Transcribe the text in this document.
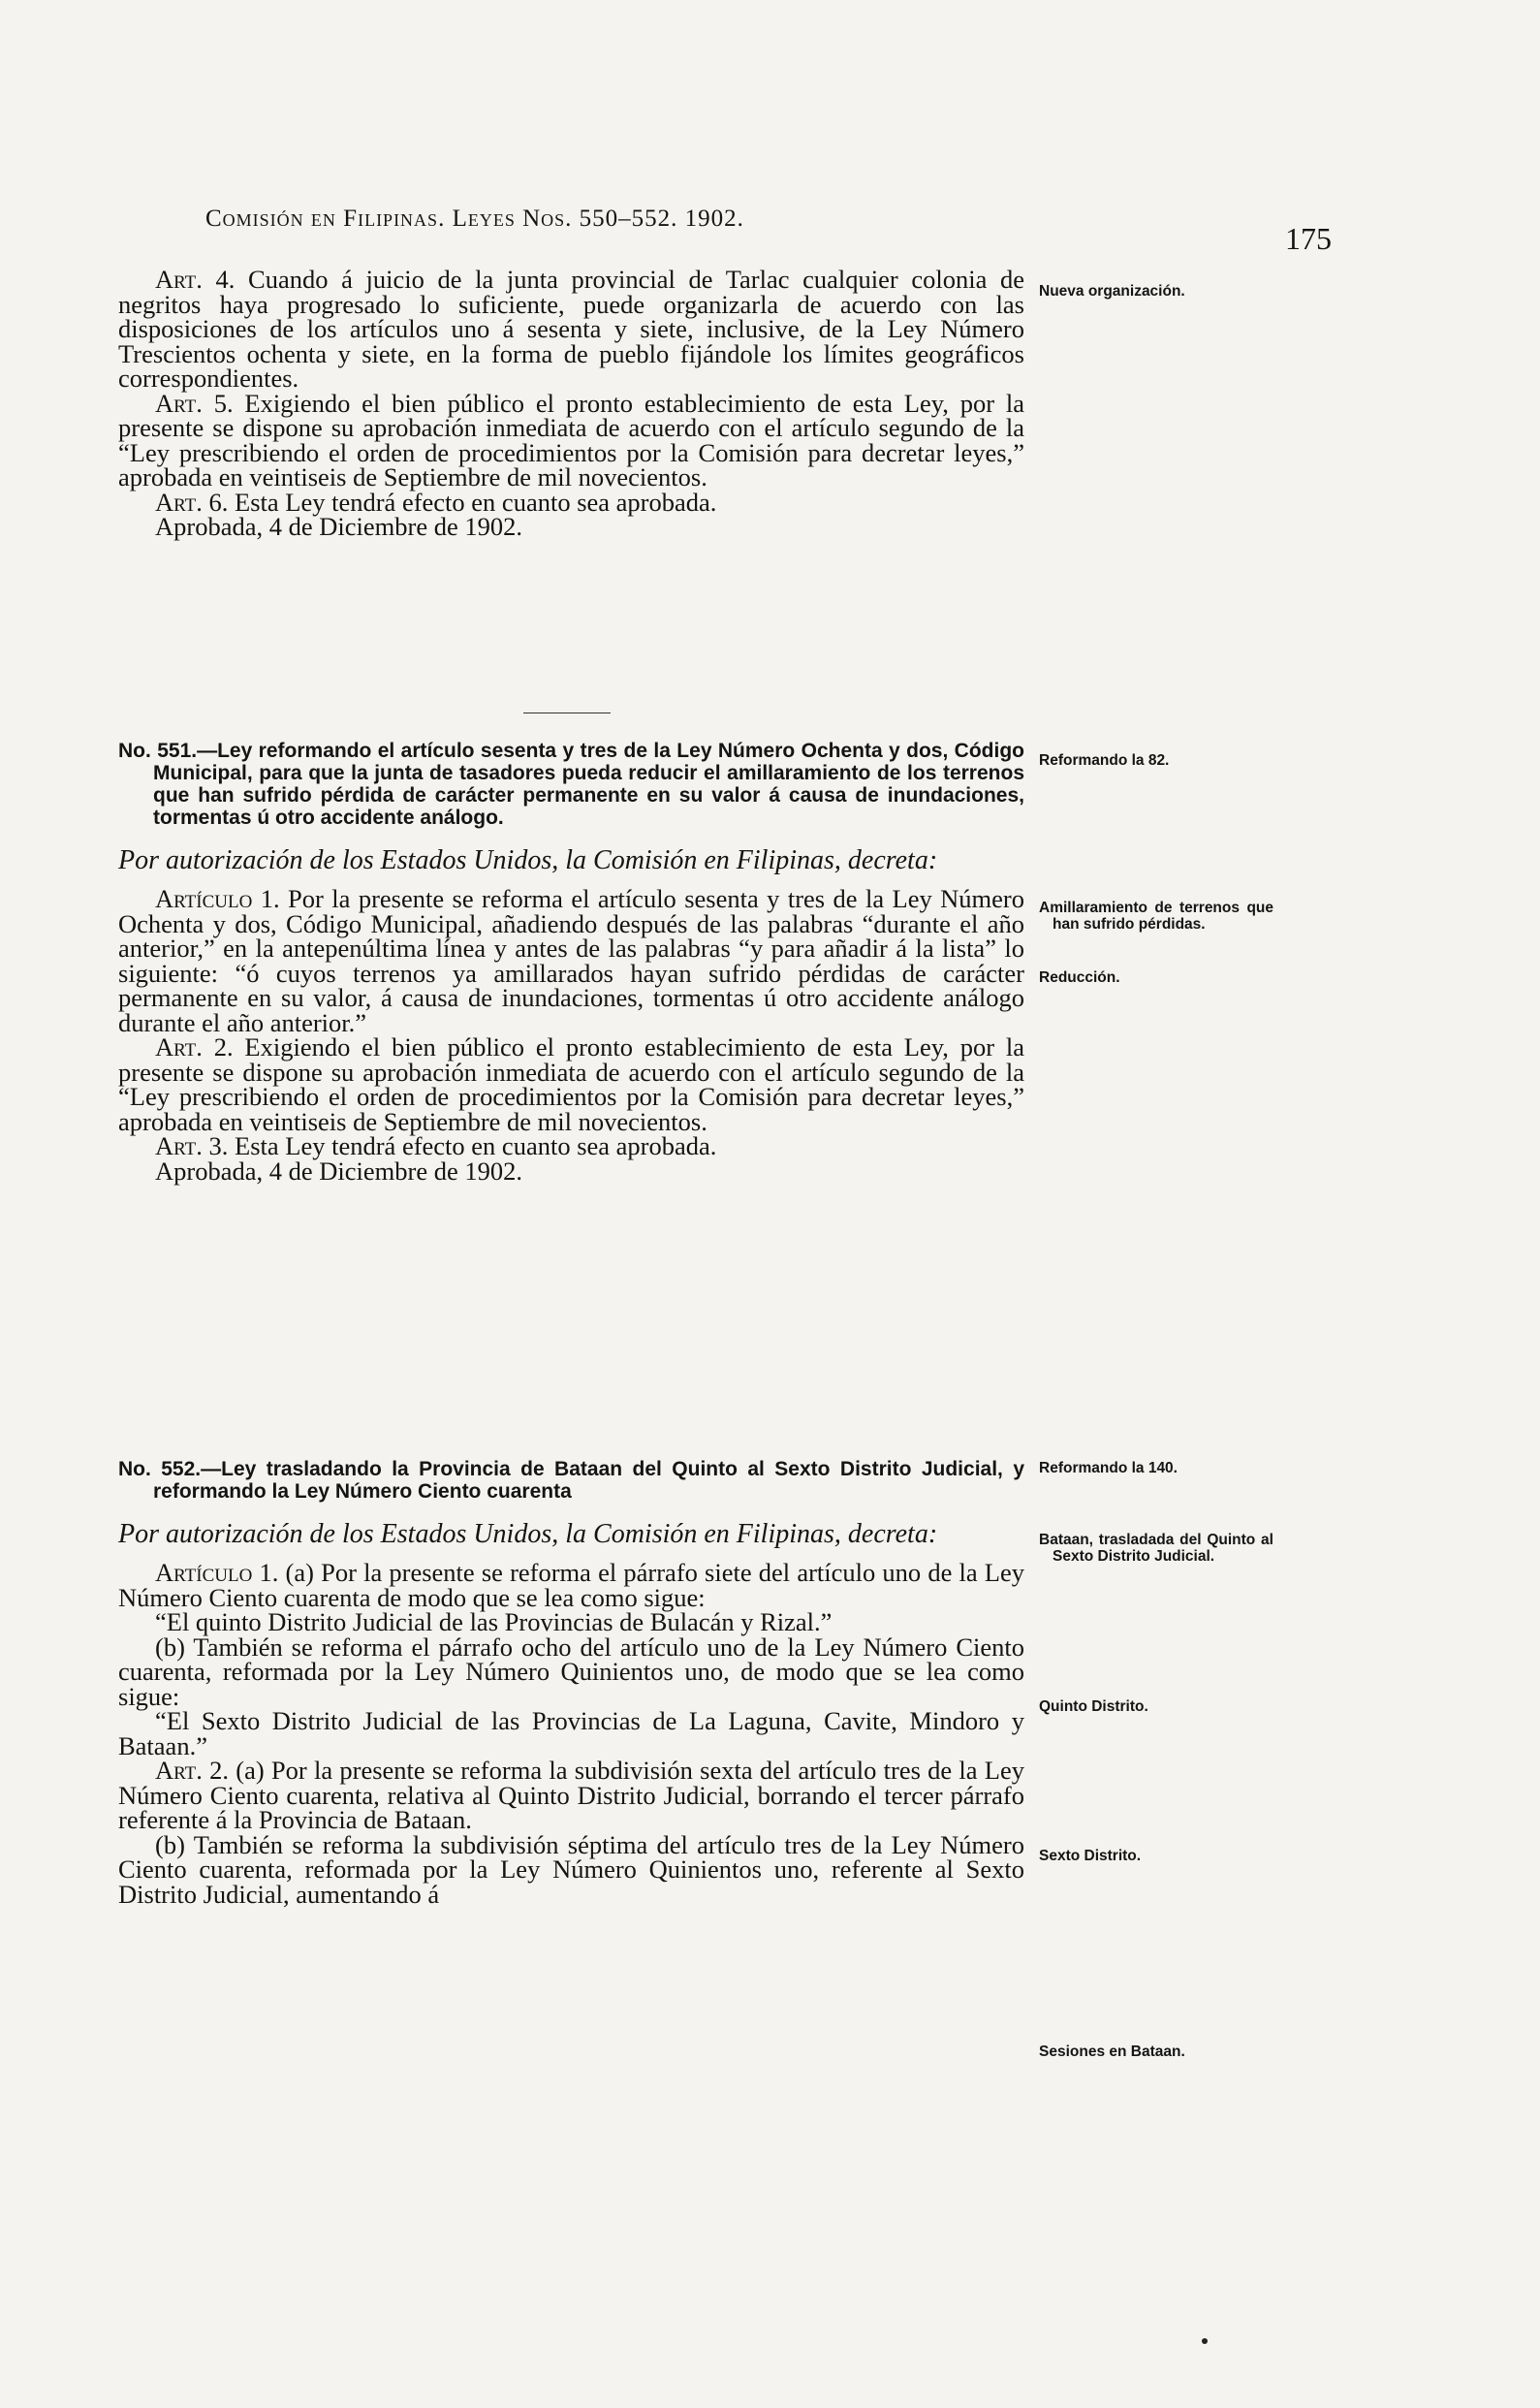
Comisión en Filipinas. Leyes Nos. 550–552. 1902.
175

Art. 4. Cuando á juicio de la junta provincial de Tarlac cualquier colonia de negritos haya progresado lo suficiente, puede organizarla de acuerdo con las disposiciones de los artículos uno á sesenta y siete, inclusive, de la Ley Número Trescientos ochenta y siete, en la forma de pueblo fijándole los límites geográficos correspondientes.

Art. 5. Exigiendo el bien público el pronto establecimiento de esta Ley, por la presente se dispone su aprobación inmediata de acuerdo con el artículo segundo de la “Ley prescribiendo el orden de procedimientos por la Comisión para decretar leyes,” aprobada en veintiseis de Septiembre de mil novecientos.

Art. 6. Esta Ley tendrá efecto en cuanto sea aprobada.

Aprobada, 4 de Diciembre de 1902.

No. 551.—Ley reformando el artículo sesenta y tres de la Ley Número Ochenta y dos, Código Municipal, para que la junta de tasadores pueda reducir el amillaramiento de los terrenos que han sufrido pérdida de carácter permanente en su valor á causa de inundaciones, tormentas ú otro accidente análogo.
Por autorización de los Estados Unidos, la Comisión en Filipinas, decreta:

Artículo 1. Por la presente se reforma el artículo sesenta y tres de la Ley Número Ochenta y dos, Código Municipal, añadiendo después de las palabras “durante el año anterior,” en la antepenúltima línea y antes de las palabras “y para añadir á la lista” lo siguiente: “ó cuyos terrenos ya amillarados hayan sufrido pérdidas de carácter permanente en su valor, á causa de inundaciones, tormentas ú otro accidente análogo durante el año anterior.”

Art. 2. Exigiendo el bien público el pronto establecimiento de esta Ley, por la presente se dispone su aprobación inmediata de acuerdo con el artículo segundo de la “Ley prescribiendo el orden de procedimientos por la Comisión para decretar leyes,” aprobada en veintiseis de Septiembre de mil novecientos.

Art. 3. Esta Ley tendrá efecto en cuanto sea aprobada.

Aprobada, 4 de Diciembre de 1902.

No. 552.—Ley trasladando la Provincia de Bataan del Quinto al Sexto Distrito Judicial, y reformando la Ley Número Ciento cuarenta
Por autorización de los Estados Unidos, la Comisión en Filipinas, decreta:

Artículo 1. (a) Por la presente se reforma el párrafo siete del artículo uno de la Ley Número Ciento cuarenta de modo que se lea como sigue:

“El quinto Distrito Judicial de las Provincias de Bulacán y Rizal.”

(b) También se reforma el párrafo ocho del artículo uno de la Ley Número Ciento cuarenta, reformada por la Ley Número Quinientos uno, de modo que se lea como sigue:

“El Sexto Distrito Judicial de las Provincias de La Laguna, Cavite, Mindoro y Bataan.”

Art. 2. (a) Por la presente se reforma la subdivisión sexta del artículo tres de la Ley Número Ciento cuarenta, relativa al Quinto Distrito Judicial, borrando el tercer párrafo referente á la Provincia de Bataan.

(b) También se reforma la subdivisión séptima del artículo tres de la Ley Número Ciento cuarenta, reformada por la Ley Número Quinientos uno, referente al Sexto Distrito Judicial, aumentando á

Nueva organización.
Reformando la 82.
Amillaramiento de terrenos que han sufrido pérdidas.
Reducción.
Reformando la 140.
Bataan, trasladada del Quinto al Sexto Distrito Judicial.
Quinto Distrito.
Sexto Distrito.
Sesiones en Bataan.
